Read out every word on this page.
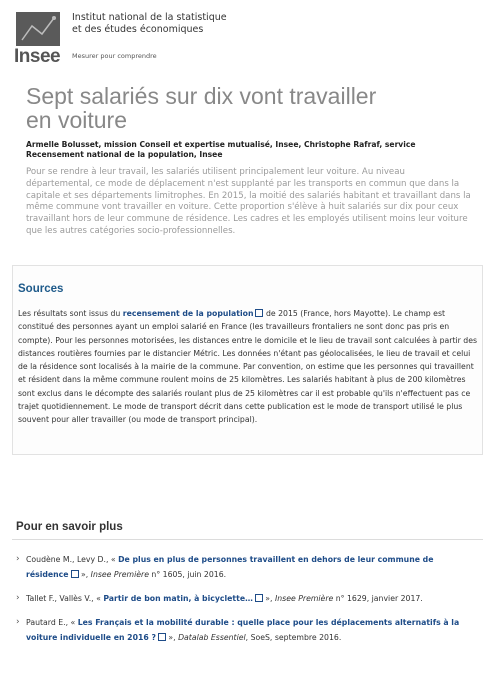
Insee
Institut national de la statistique
et des études économiques
Mesurer pour comprendre
Sept salariés sur dix vont travailler
en voiture

Armelle Bolusset, mission Conseil et expertise mutualisé, Insee, Christophe Rafraf, service Recensement national de la population, Insee

Pour se rendre à leur travail, les salariés utilisent principalement leur voiture. Au niveau départemental, ce mode de déplacement n'est supplanté par les transports en commun que dans la capitale et ses départements limitrophes. En 2015, la moitié des salariés habitant et travaillant dans la même commune vont travailler en voiture. Cette proportion s'élève à huit salariés sur dix pour ceux travaillant hors de leur commune de résidence. Les cadres et les employés utilisent moins leur voiture que les autres catégories socio-professionnelles.

Sources

Les résultats sont issus du recensement de la population de 2015 (France, hors Mayotte). Le champ est constitué des personnes ayant un emploi salarié en France (les travailleurs frontaliers ne sont donc pas pris en compte). Pour les personnes motorisées, les distances entre le domicile et le lieu de travail sont calculées à partir des distances routières fournies par le distancier Métric. Les données n'étant pas géolocalisées, le lieu de travail et celui de la résidence sont localisés à la mairie de la commune. Par convention, on estime que les personnes qui travaillent et résident dans la même commune roulent moins de 25 kilomètres. Les salariés habitant à plus de 200 kilomètres sont exclus dans le décompte des salariés roulant plus de 25 kilomètres car il est probable qu'ils n'effectuent pas ce trajet quotidiennement. Le mode de transport décrit dans cette publication est le mode de transport utilisé le plus souvent pour aller travailler (ou mode de transport principal).

Pour en savoir plus
› Coudène M., Levy D., « De plus en plus de personnes travaillent en dehors de leur commune de résidence », Insee Première n° 1605, juin 2016.
› Tallet F., Vallès V., « Partir de bon matin, à bicyclette… », Insee Première n° 1629, janvier 2017.
› Pautard E., « Les Français et la mobilité durable : quelle place pour les déplacements alternatifs à la voiture individuelle en 2016 ? », Datalab Essentiel, SoeS, septembre 2016.
